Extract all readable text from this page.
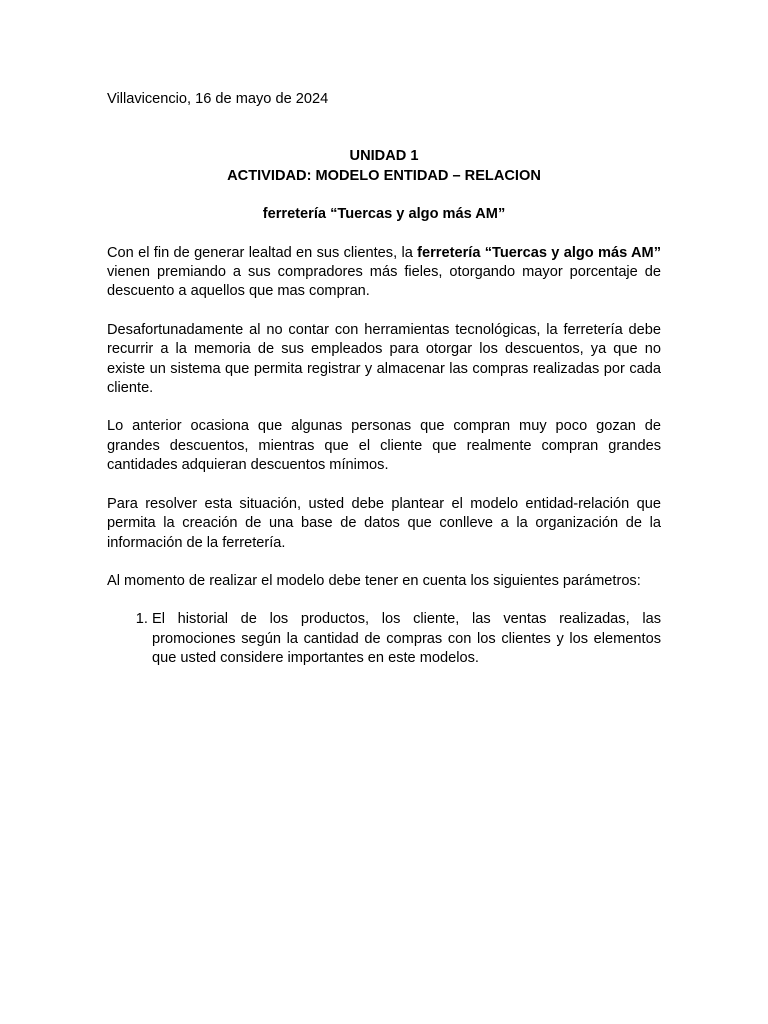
Villavicencio, 16 de mayo de 2024

UNIDAD 1
ACTIVIDAD: MODELO ENTIDAD – RELACION
ferretería “Tuercas y algo más AM”

Con el fin de generar lealtad en sus clientes, la ferretería “Tuercas y algo más AM” vienen premiando a sus compradores más fieles, otorgando mayor porcentaje de descuento a aquellos que mas compran.

Desafortunadamente al no contar con herramientas tecnológicas, la ferretería debe recurrir a la memoria de sus empleados para otorgar los descuentos, ya que no existe un sistema que permita registrar y almacenar las compras realizadas por cada cliente.

Lo anterior ocasiona que algunas personas que compran muy poco gozan de grandes descuentos, mientras que el cliente que realmente compran grandes cantidades adquieran descuentos mínimos.

Para resolver esta situación, usted debe plantear el modelo entidad-relación que permita la creación de una base de datos que conlleve a la organización de la información de la ferretería.

Al momento de realizar el modelo debe tener en cuenta los siguientes parámetros:

1. El historial de los productos, los cliente, las ventas realizadas, las promociones según la cantidad de compras con los clientes y los elementos que usted considere importantes en este modelos.
